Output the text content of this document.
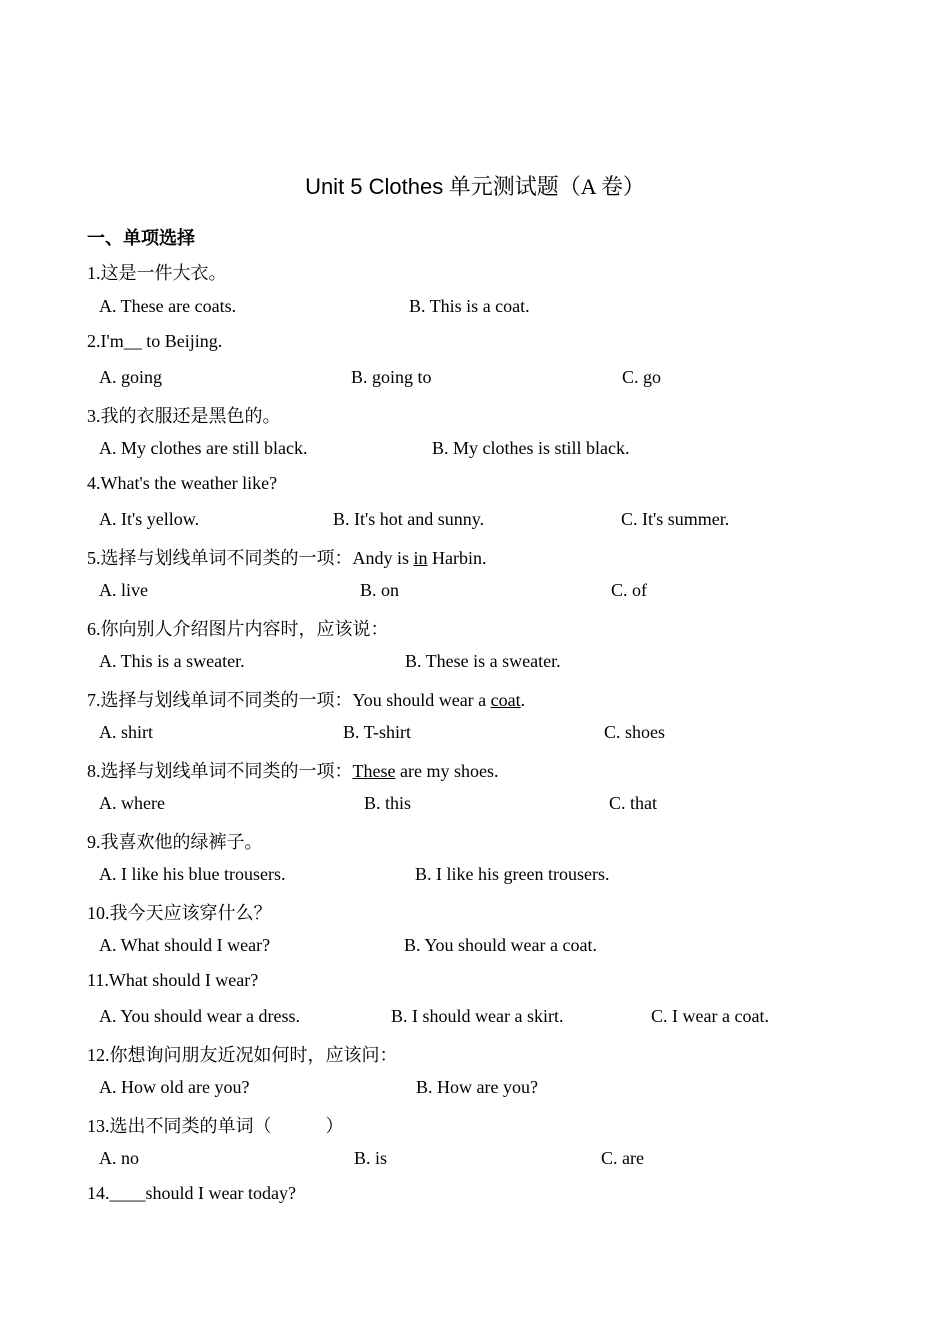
Unit 5 Clothes 单元测试题（A 卷）
一、单项选择
1.这是一件大衣。
A. These are coats.	B. This is a coat.
2.I'm__ to Beijing.
A. going	B. going to	C. go
3.我的衣服还是黑色的。
A. My clothes are still black.	B. My clothes is still black.
4.What's the weather like?
A. It's yellow.	B. It's hot and sunny.	C. It's summer.
5.选择与划线单词不同类的一项：Andy is in Harbin.
A. live	B. on	C. of
6.你向别人介绍图片内容时，应该说：
A. This is a sweater.	B. These is a sweater.
7.选择与划线单词不同类的一项：You should wear a coat.
A. shirt	B. T-shirt	C. shoes
8.选择与划线单词不同类的一项：These are my shoes.
A. where	B. this	C. that
9.我喜欢他的绿裤子。
A. I like his blue trousers.	B. I like his green trousers.
10.我今天应该穿什么？
A. What should I wear?	B. You should wear a coat.
11.What should I wear?
A. You should wear a dress.	B. I should wear a skirt.	C. I wear a coat.
12.你想询问朋友近况如何时，应该问：
A. How old are you?	B. How are you?
13.选出不同类的单词（　　　）
A. no	B. is	C. are
14.____should I wear today?
